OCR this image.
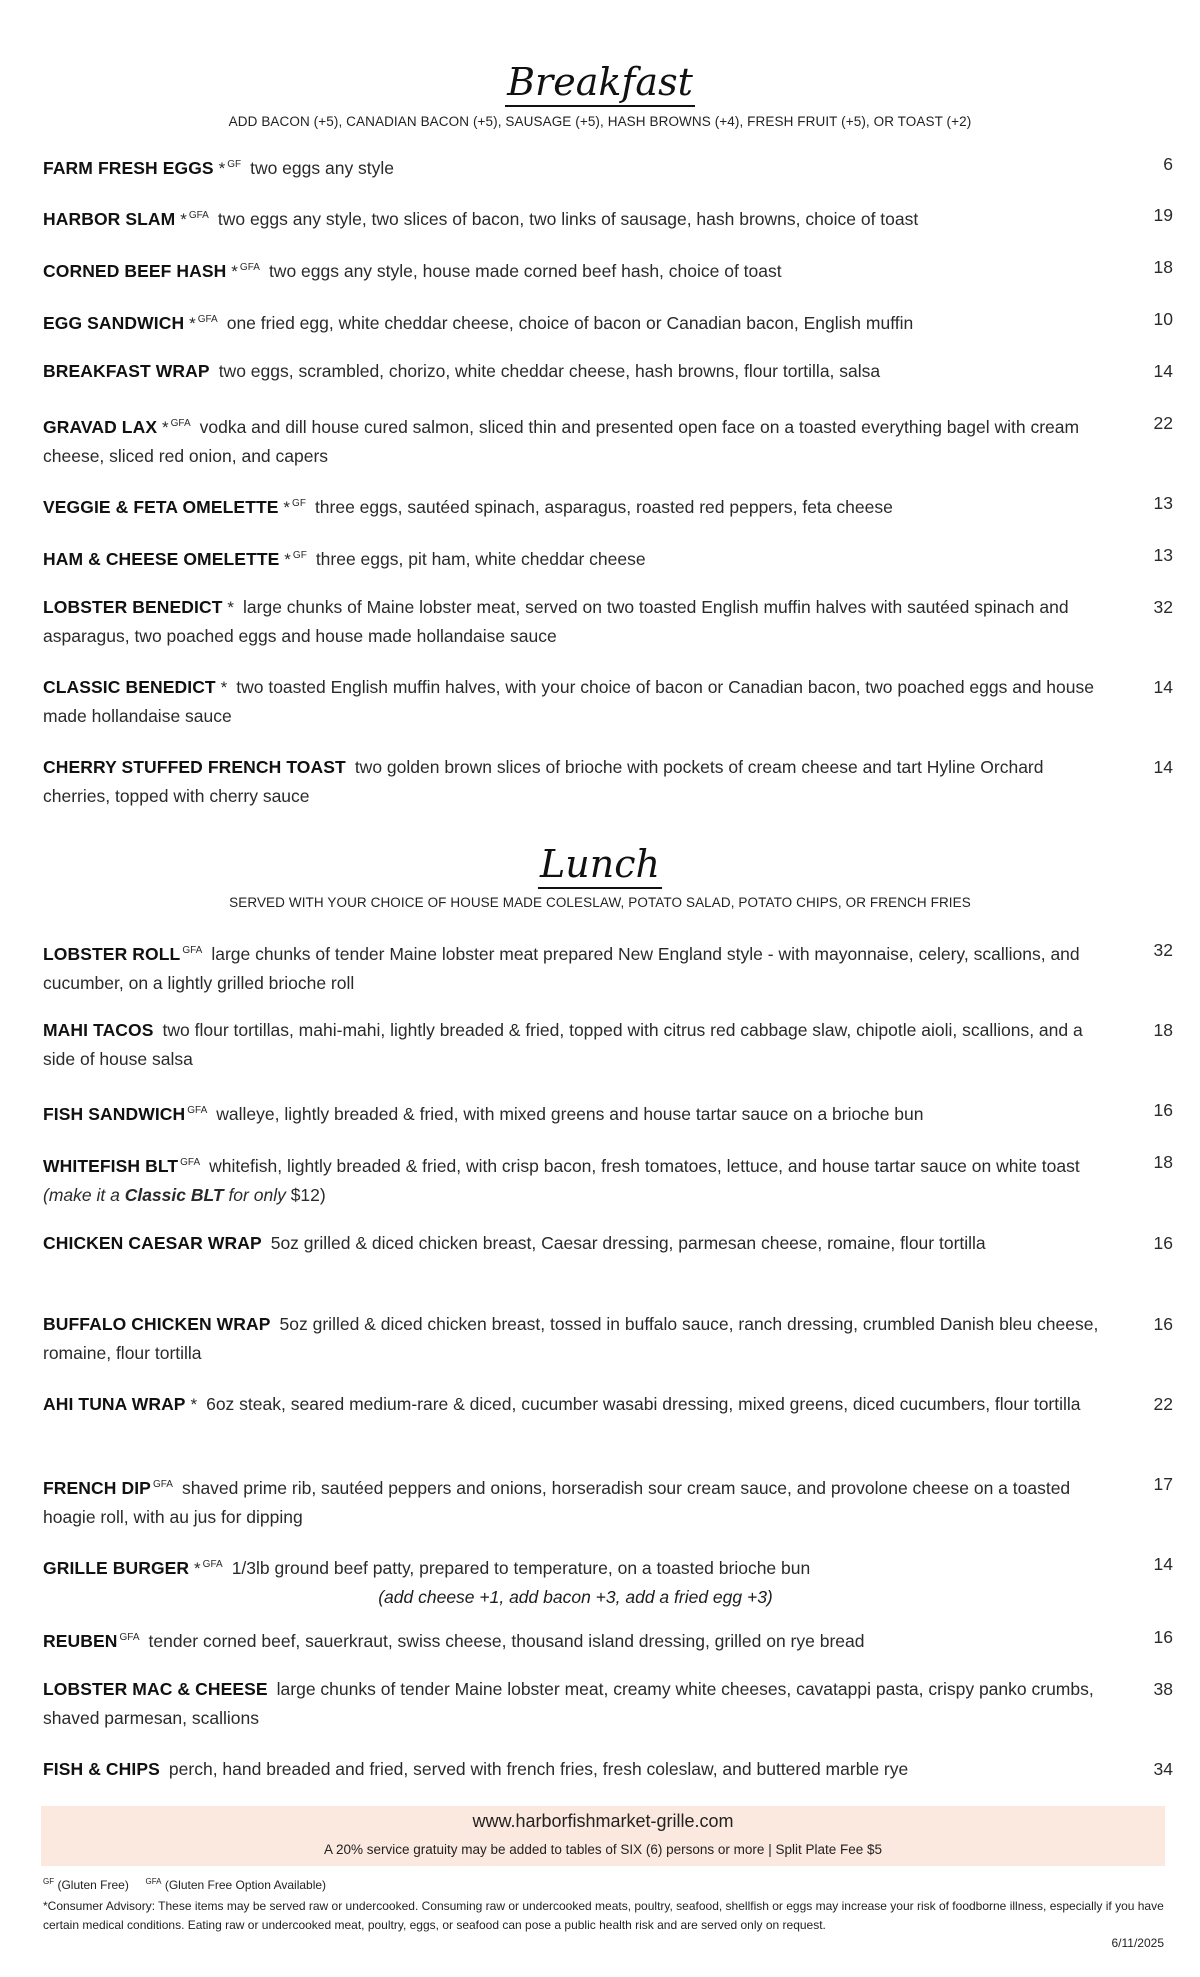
Breakfast
ADD BACON (+5), CANADIAN BACON (+5), SAUSAGE (+5), HASH BROWNS (+4), FRESH FRUIT (+5), OR TOAST (+2)
FARM FRESH EGGS * $^{GF}$ two eggs any style	6
HARBOR SLAM * $^{GFA}$ two eggs any style, two slices of bacon, two links of sausage, hash browns, choice of toast	19
CORNED BEEF HASH * $^{GFA}$ two eggs any style, house made corned beef hash, choice of toast	18
EGG SANDWICH * $^{GFA}$ one fried egg, white cheddar cheese, choice of bacon or Canadian bacon, English muffin	10
BREAKFAST WRAP two eggs, scrambled, chorizo, white cheddar cheese, hash browns, flour tortilla, salsa	14
GRAVAD LAX * $^{GFA}$ vodka and dill house cured salmon, sliced thin and presented open face on a toasted everything bagel with cream cheese, sliced red onion, and capers
22
VEGGIE & FETA OMELETTE * $^{GF}$ three eggs, sautéed spinach, asparagus, roasted red peppers, feta cheese	13
HAM & CHEESE OMELETTE * $^{GF}$ three eggs, pit ham, white cheddar cheese	13
LOBSTER BENEDICT * large chunks of Maine lobster meat, served on two toasted English muffin halves with sautéed spinach and asparagus, two poached eggs and house made hollandaise sauce
32
CLASSIC BENEDICT * two toasted English muffin halves, with your choice of bacon or Canadian bacon, two poached eggs and house made hollandaise sauce
14
CHERRY STUFFED FRENCH TOAST two golden brown slices of brioche with pockets of cream cheese and tart Hyline Orchard cherries, topped with cherry sauce
14
Lunch
SERVED WITH YOUR CHOICE OF HOUSE MADE COLESLAW, POTATO SALAD, POTATO CHIPS, OR FRENCH FRIES
LOBSTER ROLL $^{GFA}$ large chunks of tender Maine lobster meat prepared New England style - with mayonnaise, celery, scallions, and cucumber, on a lightly grilled brioche roll
32
MAHI TACOS two flour tortillas, mahi-mahi, lightly breaded & fried, topped with citrus red cabbage slaw, chipotle aioli, scallions, and a side of house salsa
18
FISH SANDWICH $^{GFA}$ walleye, lightly breaded & fried, with mixed greens and house tartar sauce on a brioche bun	16
WHITEFISH BLT $^{GFA}$ whitefish, lightly breaded & fried, with crisp bacon, fresh tomatoes, lettuce, and house tartar sauce on white toast (make it a Classic BLT for only $12)
18
CHICKEN CAESAR WRAP 5oz grilled & diced chicken breast, Caesar dressing, parmesan cheese, romaine, flour tortilla	16
BUFFALO CHICKEN WRAP 5oz grilled & diced chicken breast, tossed in buffalo sauce, ranch dressing, crumbled Danish bleu cheese, romaine, flour tortilla
16
AHI TUNA WRAP * 6oz steak, seared medium-rare & diced, cucumber wasabi dressing, mixed greens, diced cucumbers, flour tortilla	22
FRENCH DIP $^{GFA}$ shaved prime rib, sautéed peppers and onions, horseradish sour cream sauce, and provolone cheese on a toasted hoagie roll, with au jus for dipping
17
GRILLE BURGER * $^{GFA}$ 1/3lb ground beef patty, prepared to temperature, on a toasted brioche bun
(add cheese +1, add bacon +3, add a fried egg +3)
14
REUBEN $^{GFA}$ tender corned beef, sauerkraut, swiss cheese, thousand island dressing, grilled on rye bread	16
LOBSTER MAC & CHEESE large chunks of tender Maine lobster meat, creamy white cheeses, cavatappi pasta, crispy panko crumbs, shaved parmesan, scallions
38
FISH & CHIPS perch, hand breaded and fried, served with french fries, fresh coleslaw, and buttered marble rye	34
www.harborfishmarket-grille.com
A 20% service gratuity may be added to tables of SIX (6) persons or more | Split Plate Fee $5
$^{GF}$ (Gluten Free) $^{GFA}$ (Gluten Free Option Available)
*Consumer Advisory: These items may be served raw or undercooked. Consuming raw or undercooked meats, poultry, seafood, shellfish or eggs may increase your risk of foodborne illness, especially if you have certain medical conditions. Eating raw or undercooked meat, poultry, eggs, or seafood can pose a public health risk and are served only on request.
6/11/2025
